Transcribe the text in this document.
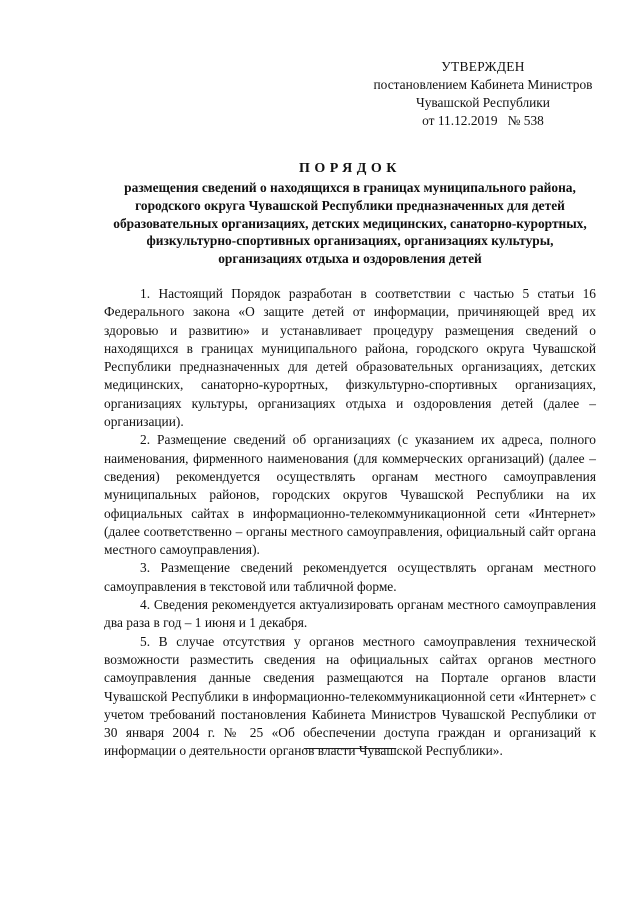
УТВЕРЖДЕН
постановлением Кабинета Министров
Чувашской Республики
от 11.12.2019   № 538
ПОРЯДОК
размещения сведений о находящихся в границах муниципального района, городского округа Чувашской Республики предназначенных для детей образовательных организациях, детских медицинских, санаторно-курортных, физкультурно-спортивных организациях, организациях культуры, организациях отдыха и оздоровления детей

1. Настоящий Порядок разработан в соответствии с частью 5 статьи 16 Федерального закона «О защите детей от информации, причиняющей вред их здоровью и развитию» и устанавливает процедуру размещения сведений о находящихся в границах муниципального района, городского округа Чувашской Республики предназначенных для детей образовательных организациях, детских медицинских, санаторно-курортных, физкультурно-спортивных организациях, организациях культуры, организациях отдыха и оздоровления детей (далее – организации).

2. Размещение сведений об организациях (с указанием их адреса, полного наименования, фирменного наименования (для коммерческих организаций) (далее – сведения) рекомендуется осуществлять органам местного самоуправления муниципальных районов, городских округов Чувашской Республики на их официальных сайтах в информационно-телекоммуникационной сети «Интернет» (далее соответственно – органы местного самоуправления, официальный сайт органа местного самоуправления).

3. Размещение сведений рекомендуется осуществлять органам местного самоуправления в текстовой или табличной форме.

4. Сведения рекомендуется актуализировать органам местного самоуправления два раза в год – 1 июня и 1 декабря.

5. В случае отсутствия у органов местного самоуправления технической возможности разместить сведения на официальных сайтах органов местного самоуправления данные сведения размещаются на Портале органов власти Чувашской Республики в информационно-телекоммуникационной сети «Интернет» с учетом требований постановления Кабинета Министров Чувашской Республики от 30 января 2004 г. № 25 «Об обеспечении доступа граждан и организаций к информации о деятельности органов власти Чувашской Республики».
